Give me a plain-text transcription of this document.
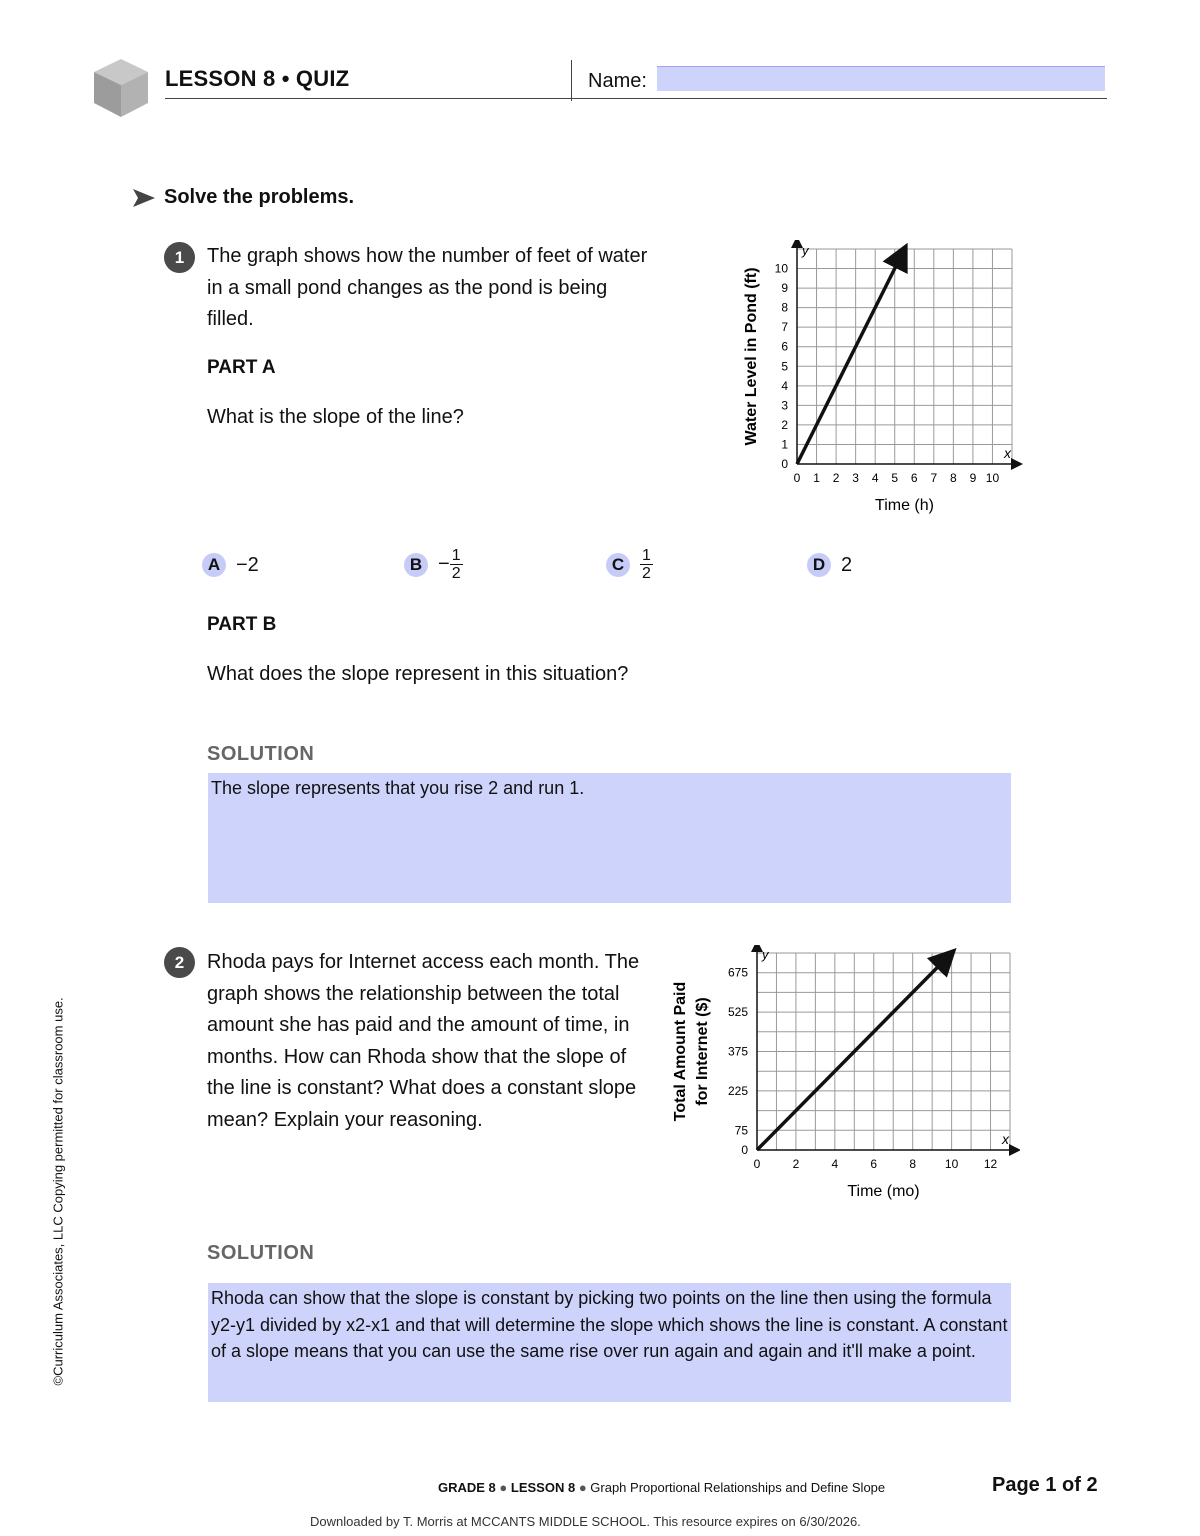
LESSON 8 • QUIZ	Name:
Solve the problems.
1	The graph shows how the number of feet of water in a small pond changes as the pond is being filled.
PART A
What is the slope of the line?
y
x
0 1 2 3 4 5 6 7 8 9 10
0
1
2
3
4
5
6
7
8
9
10
Time (h)
Water Level in Pond (ft)
A −2	$B - \frac{1}{2}$	C $\frac{1}{2}$	D 2
PART B
What does the slope represent in this situation?
SOLUTION
The slope represents that you rise 2 and run 1.
2	Rhoda pays for Internet access each month. The graph shows the relationship between the total amount she has paid and the amount of time, in months. How can Rhoda show that the slope of the line is constant? What does a constant slope mean? Explain your reasoning.
y
x
0	2	4	6	8 10 12
0
75
225
375
525
675
Time (mo)
Total Amount Paid for Internet ($)
SOLUTION
Rhoda can show that the slope is constant by picking two points on the line then using the formula y2-y1 divided by x2-x1 and that will determine the slope which shows the line is constant. A constant of a slope means that you can use the same rise over run again and again and it'll make a point.
©Curriculum Associates, LLC Copying permitted for classroom use.
GRADE 8 ● LESSON 8 ● Graph Proportional Relationships and Define Slope	Page 1 of 2
Downloaded by T. Morris at MCCANTS MIDDLE SCHOOL. This resource expires on 6/30/2026.
